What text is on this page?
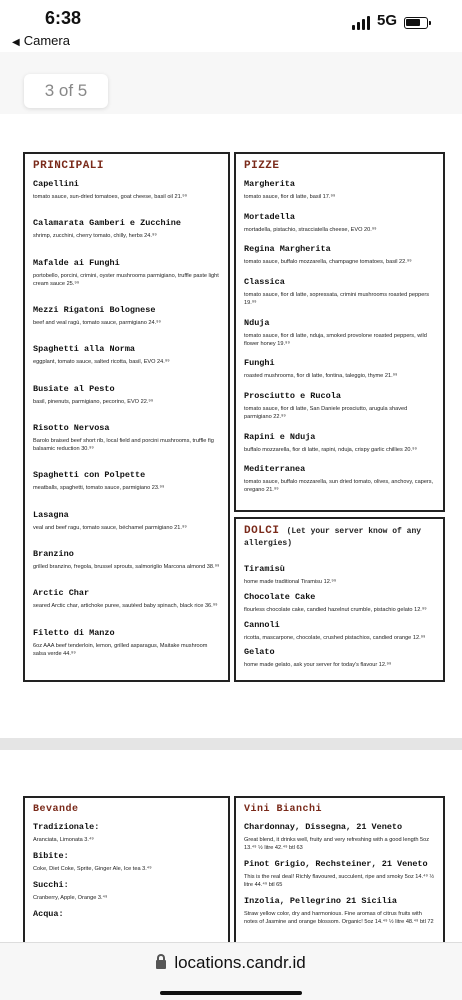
6:38
◀ Camera
5G
3 of 5
PRINCIPALI
Capellini
tomato sauce, sun-dried tomatoes, goat cheese, basil oil 21.⁹⁹
Calamarata Gamberi e Zucchine
shrimp, zucchini, cherry tomato, chilly, herbs 24.⁹⁹
Mafalde ai Funghi
portobello, porcini, crimini, oyster mushrooms parmigiano, truffle paste light cream sauce 25.⁹⁹
Mezzi Rigatoni Bolognese
beef and veal ragù, tomato sauce, parmigiano 24.⁹⁹
Spaghetti alla Norma
eggplant, tomato sauce, salted ricotta, basil, EVO 24.⁹⁹
Busiate al Pesto
basil, pinenuts, parmigiano, pecorino, EVO 22.⁹⁹
Risotto Nervosa
Barolo braised beef short rib, local field and porcini mushrooms, truffle fig balsamic reduction 30.⁹⁹
Spaghetti con Polpette
meatballs, spaghetti, tomato sauce, parmigiano 23.⁹⁹
Lasagna
veal and beef ragu, tomato sauce, béchamel parmigiano 21.⁹⁹
Branzino
grilled branzino, fregola, brussel sprouts, salmoriglio Marcona almond 38.⁹⁹
Arctic Char
seared Arctic char, artichoke puree, sautéed baby spinach, black rice 36.⁹⁹
Filetto di Manzo
6oz AAA beef tenderloin, lemon, grilled asparagus, Maitake mushroom salsa verde 44.⁹⁹
PIZZE
Margherita
tomato sauce, fior di latte, basil 17.⁹⁹
Mortadella
mortadella, pistachio, stracciatella cheese, EVO 20.⁹⁹
Regina Margherita
tomato sauce, buffalo mozzarella, champagne tomatoes, basil 22.⁹⁹
Classica
tomato sauce, fior di latte, sopressata, crimini mushrooms roasted peppers 19.⁹⁹
Nduja
tomato sauce, fior di latte, nduja, smoked provolone roasted peppers, wild flower honey 19.⁹⁹
Funghi
roasted mushrooms, fior di latte, fontina, taleggio, thyme 21.⁹⁹
Prosciutto e Rucola
tomato sauce, fior di latte, San Daniele prosciutto, arugula shaved parmigiano 22.⁹⁹
Rapini e Nduja
buffalo mozzarella, fior di latte, rapini, nduja, crispy garlic chillies 20.⁹⁹
Mediterranea
tomato sauce, buffalo mozzarella, sun dried tomato, olives, anchovy, capers, oregano 21.⁹⁹
DOLCI (Let your server know of any allergies)
Tiramisù
home made traditional Tiramisu 12.⁹⁹
Chocolate Cake
flourless chocolate cake, candied hazelnut crumble, pistachio gelato 12.⁹⁹
Cannoli
ricotta, mascarpone, chocolate, crushed pistachios, candied orange 12.⁹⁹
Gelato
home made gelato, ask your server for today's flavour 12.⁹⁹
Bevande
Tradizionale:
Aranciata, Limonata 3.⁴⁹
Bibite:
Coke, Diet Coke, Sprite, Ginger Ale, Ice tea 3.⁴⁹
Succhi:
Cranberry, Apple, Orange 3.⁴⁹
Acqua:
Vini Bianchi
Chardonnay, Dissegna, 21 Veneto
Great blend, it drinks well, fruity and very refreshing with a good length 5oz 13.⁴⁹ ½ litre 42.⁴⁹ btl 63
Pinot Grigio, Rechsteiner, 21 Veneto
This is the real deal! Richly flavoured, succulent, ripe and smoky 5oz 14.⁴⁹ ½ litre 44.⁴⁹ btl 65
Inzolia, Pellegrino 21 Sicilia
Straw yellow color, dry and harmonious. Fine aromas of citrus fruits with notes of Jasmine and orange blossom. Organic! 5oz 14.⁴⁹ ½ litre 48.⁴⁹ btl 72
locations.candr.id
